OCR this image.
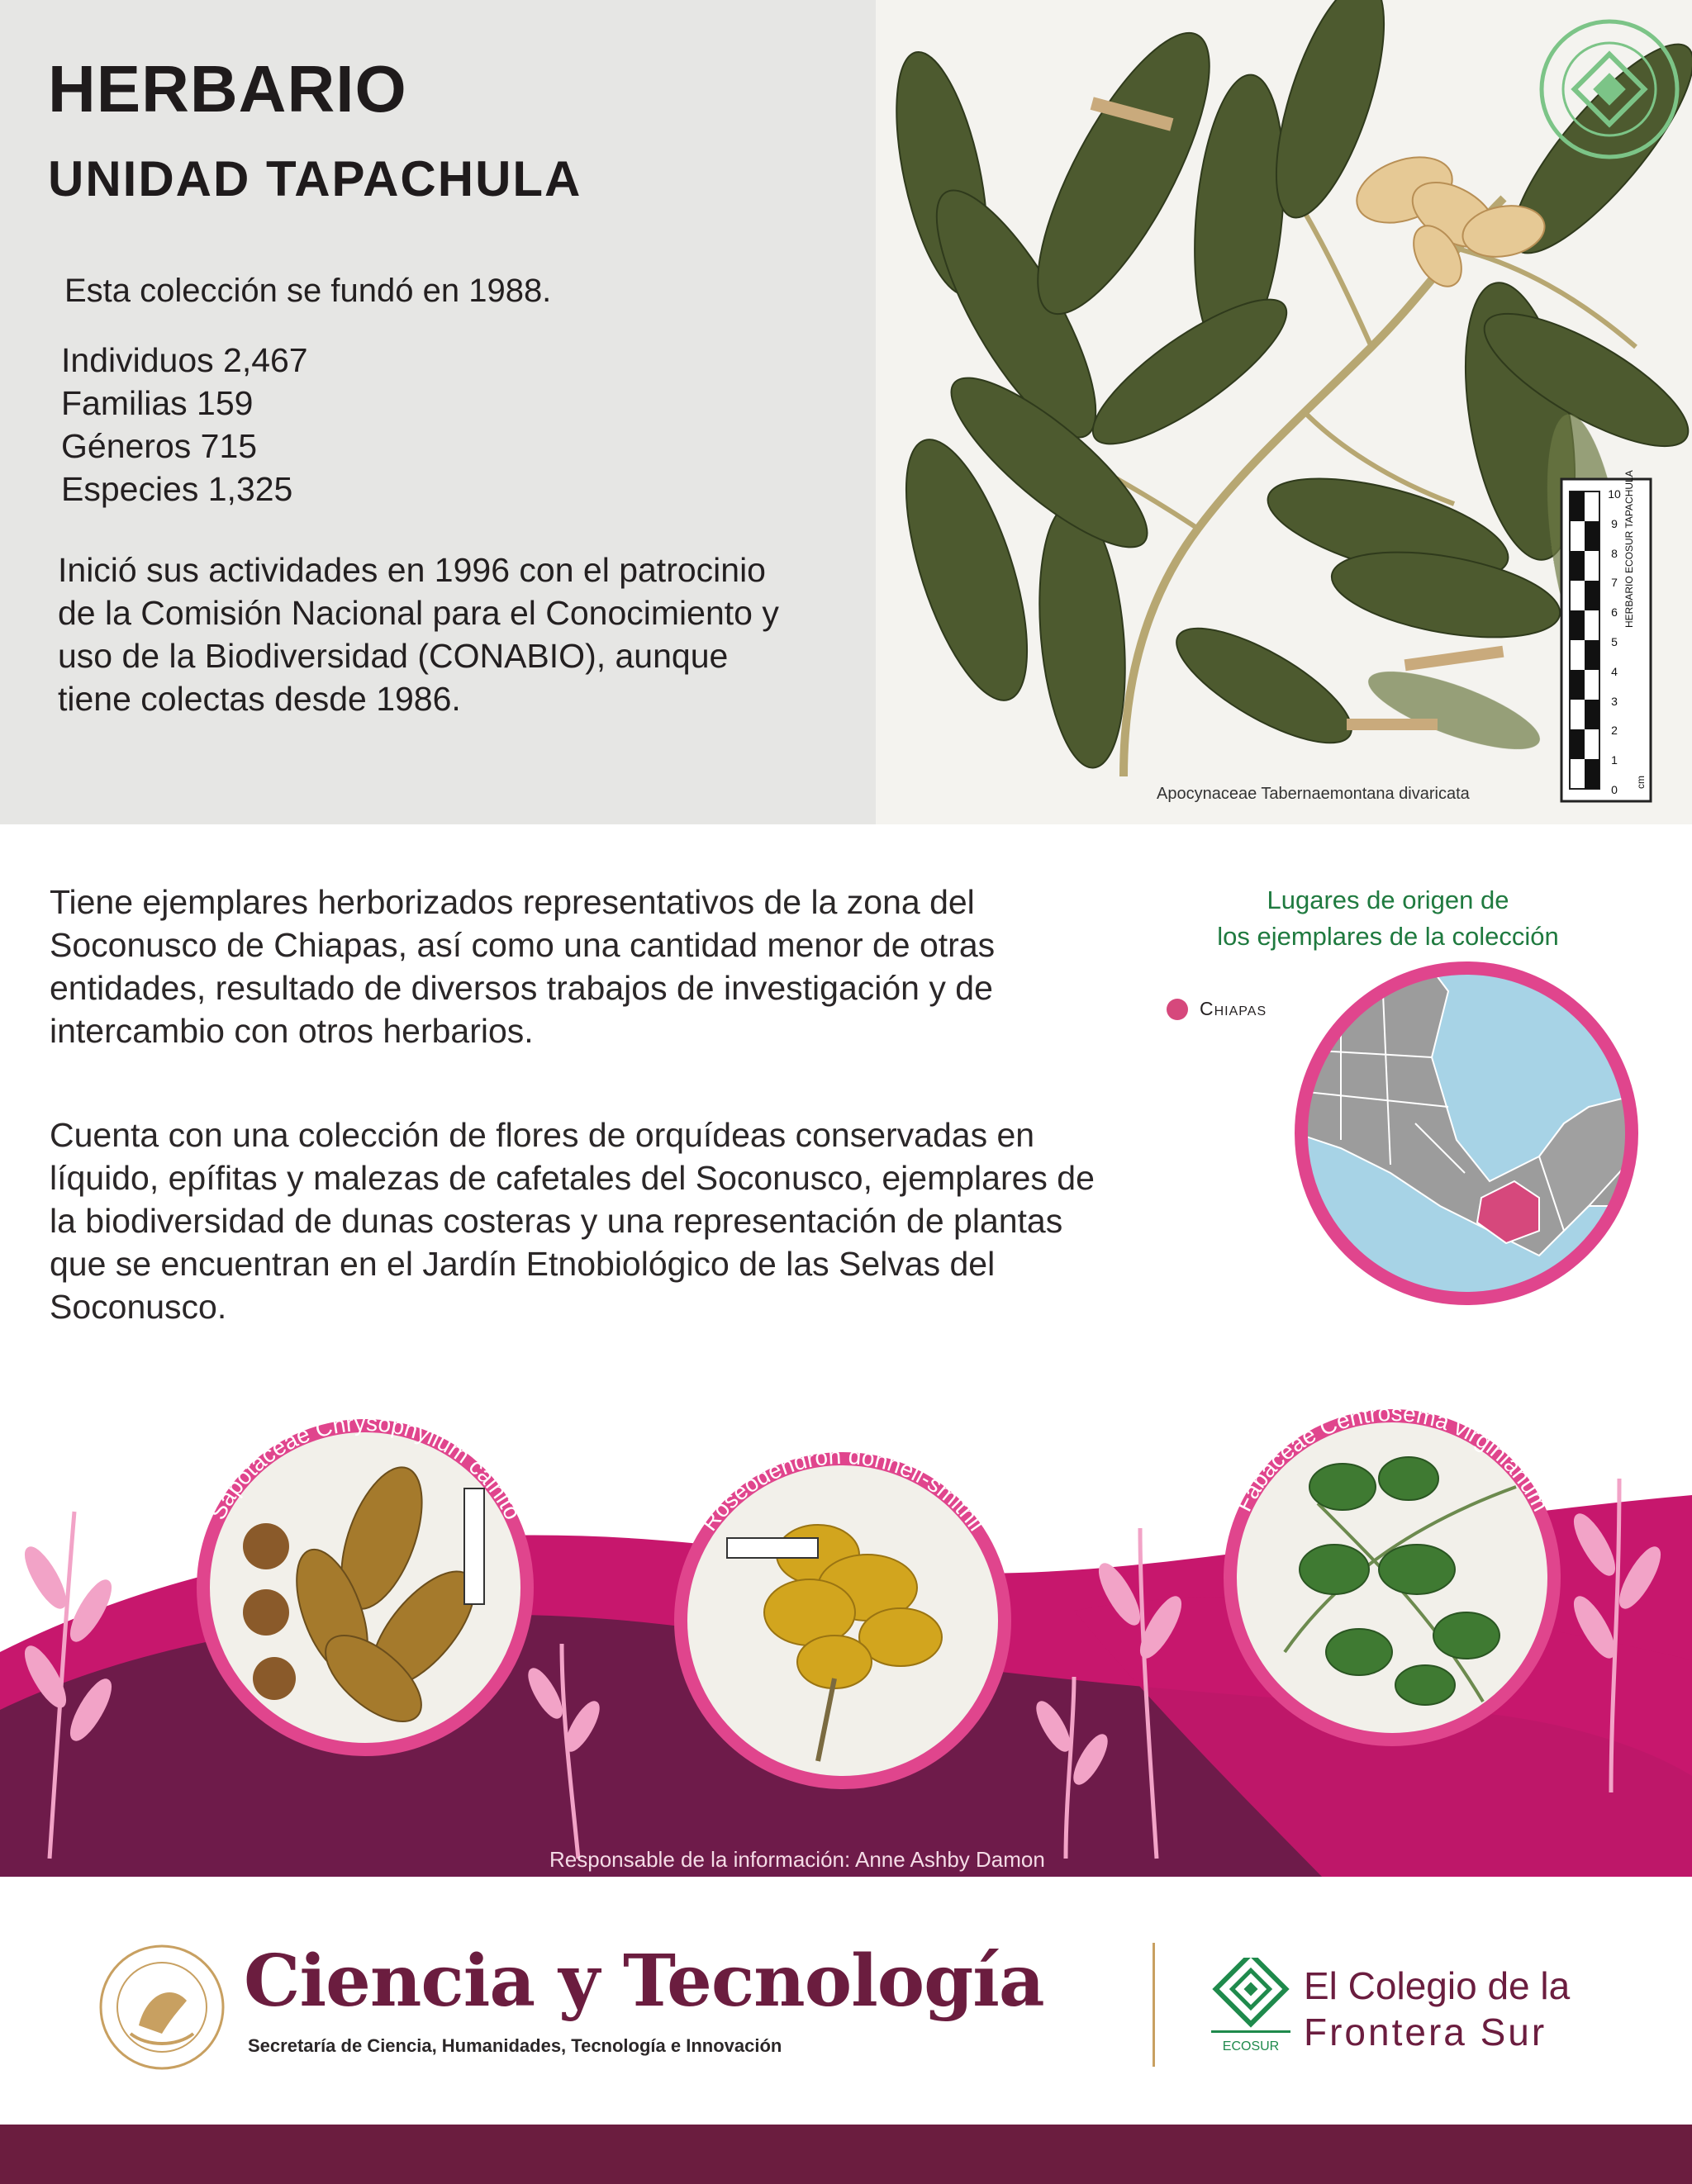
HERBARIO
UNIDAD TAPACHULA

Esta colección se fundó en 1988.

Individuos 2,467
Familias 159
Géneros 715
Especies 1,325

Inició sus actividades en 1996 con el patrocinio de la Comisión Nacional para el Conocimiento y uso de la Biodiversidad (CONABIO), aunque tiene colectas desde 1986.

0
1
2
3
4
5
6
7
8
9
10 HERBARIO ECOSUR TAPACHULA
cm
Apocynaceae Tabernaemontana divaricata

Tiene ejemplares herborizados representativos de la zona del Soconusco de Chiapas, así como una cantidad menor de otras entidades, resultado de diversos trabajos de investigación y de intercambio con otros herbarios.

Cuenta con una colección de flores de orquídeas conservadas en líquido, epífitas y malezas de cafetales del Soconusco, ejemplares de la biodiversidad de dunas costeras y una representación de plantas que se encuentran en el Jardín Etnobiológico de las Selvas del Soconusco.

Lugares de origen de
los ejemplares de la colección
Chiapas
Sapotaceae Chrysophyllum cainito	Roseodendron donnell-smithii
Fabaceae Centrosema virginianum
Responsable de la información: Anne Ashby Damon
Ciencia y Tecnología
Secretaría de Ciencia, Humanidades, Tecnología e Innovación	ECOSUR
El Colegio de la
Frontera Sur
